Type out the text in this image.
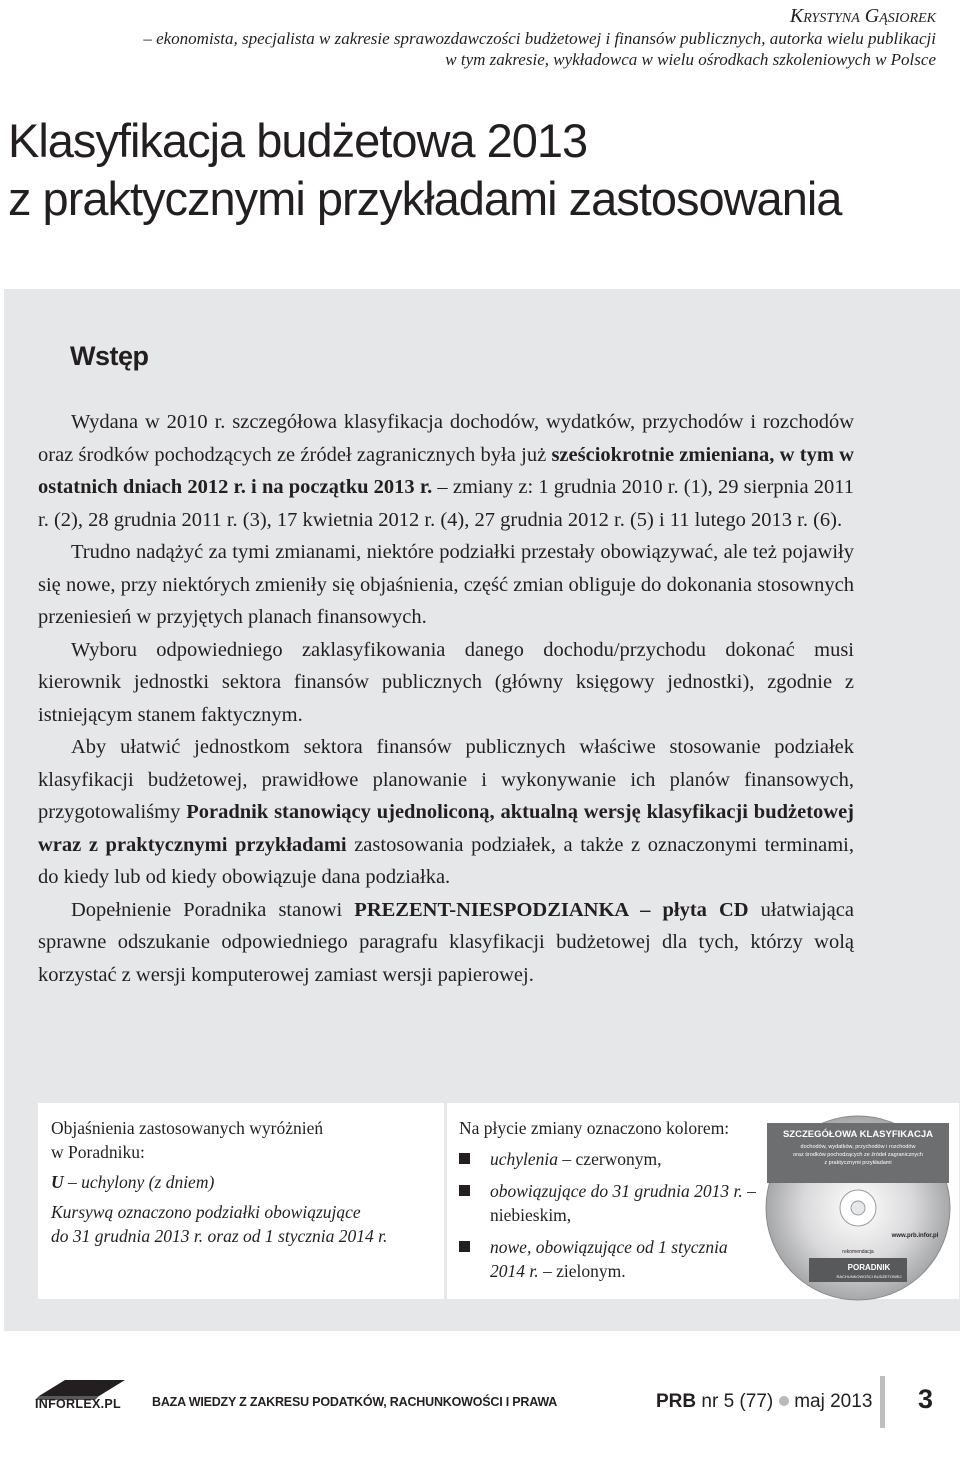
Krystyna Gąsiorek
– ekonomista, specjalista w zakresie sprawozdawczości budżetowej i finansów publicznych, autorka wielu publikacji
w tym zakresie, wykładowca w wielu ośrodkach szkoleniowych w Polsce
Klasyfikacja budżetowa 2013
z praktycznymi przykładami zastosowania
Wstęp

Wydana w 2010 r. szczegółowa klasyfikacja dochodów, wydatków, przychodów i rozchodów oraz środków pochodzących ze źródeł zagranicznych była już sześciokrotnie zmieniana, w tym w ostatnich dniach 2012 r. i na początku 2013 r. – zmiany z: 1 grudnia 2010 r. (1), 29 sierpnia 2011 r. (2), 28 grudnia 2011 r. (3), 17 kwietnia 2012 r. (4), 27 grudnia 2012 r. (5) i 11 lutego 2013 r. (6).

Trudno nadążyć za tymi zmianami, niektóre podziałki przestały obowiązywać, ale też pojawiły się nowe, przy niektórych zmieniły się objaśnienia, część zmian obliguje do dokonania stosownych przeniesień w przyjętych planach finansowych.

Wyboru odpowiedniego zaklasyfikowania danego dochodu/przychodu dokonać musi kierownik jednostki sektora finansów publicznych (główny księgowy jednostki), zgodnie z istniejącym stanem faktycznym.

Aby ułatwić jednostkom sektora finansów publicznych właściwe stosowanie podziałek klasyfikacji budżetowej, prawidłowe planowanie i wykonywanie ich planów finansowych, przygotowaliśmy Poradnik stanowiący ujednoliconą, aktualną wersję klasyfikacji budżetowej wraz z praktycznymi przykładami zastosowania podziałek, a także z oznaczonymi terminami, do kiedy lub od kiedy obowiązuje dana podziałka.

Dopełnienie Poradnika stanowi PREZENT-NIESPODZIANKA – płyta CD ułatwiająca sprawne odszukanie odpowiedniego paragrafu klasyfikacji budżetowej dla tych, którzy wolą korzystać z wersji komputerowej zamiast wersji papierowej.

Objaśnienia zastosowanych wyróżnień

w Poradniku:

U – uchylony (z dniem)

Kursywą oznaczono podziałki obowiązujące

do 31 grudnia 2013 r. oraz od 1 stycznia 2014 r.

Na płycie zmiany oznaczono kolorem:

uchylenia – czerwonym,
obowiązujące do 31 grudnia 2013 r. – niebieskim,
nowe, obowiązujące od 1 stycznia 2014 r. – zielonym.
SZCZEGÓŁOWA KLASYFIKACJA
dochodów, wydatków, przychodów i rozchodów
oraz środków pochodzących ze źródeł zagranicznych
z praktycznymi przykładami
www.prb.infor.pl
rekomendacja
PORADNIK
RACHUNKOWOŚCI BUDŻETOWEJ
INFORLEX.PL BAZA WIEDZY Z ZAKRESU PODATKÓW, RACHUNKOWOŚCI I PRAWA	PRB nr 5 (77) maj 2013 3
